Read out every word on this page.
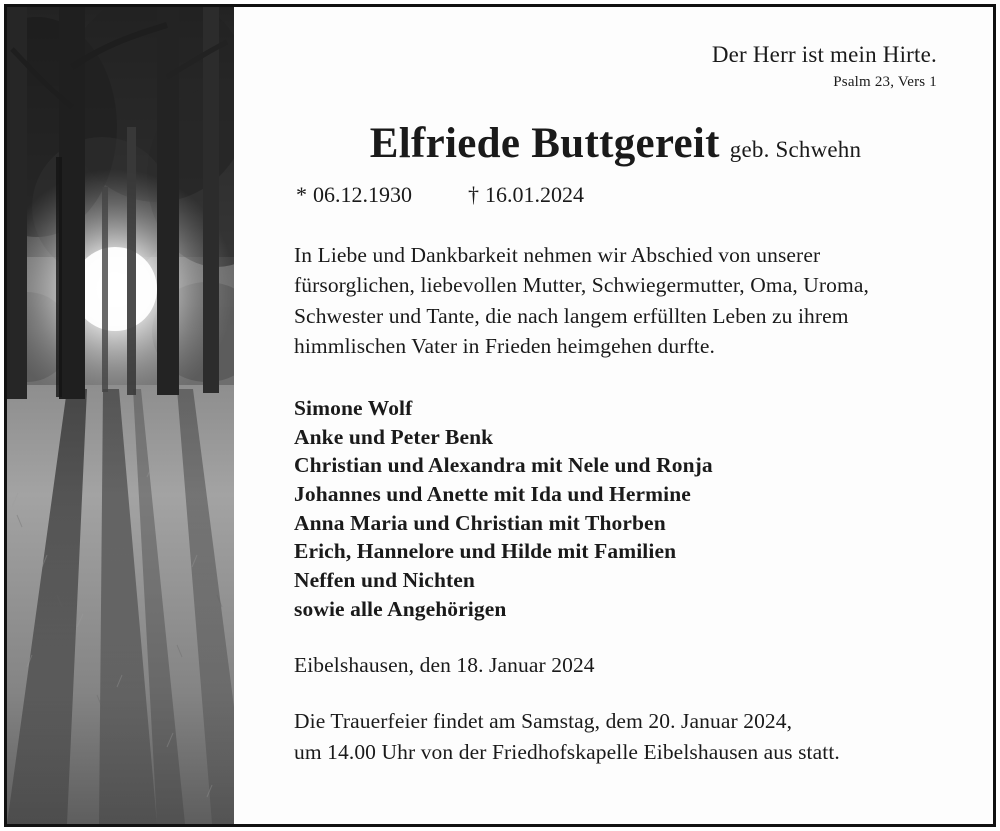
Der Herr ist mein Hirte.
Psalm 23, Vers 1
Elfriede Buttgereit geb. Schwehn
* 06.12.1930	† 16.01.2024
In Liebe und Dankbarkeit nehmen wir Abschied von unserer fürsorglichen, liebevollen Mutter, Schwiegermutter, Oma, Uroma, Schwester und Tante, die nach langem erfüllten Leben zu ihrem himmlischen Vater in Frieden heimgehen durfte.
Simone Wolf
Anke und Peter Benk
Christian und Alexandra mit Nele und Ronja
Johannes und Anette mit Ida und Hermine
Anna Maria und Christian mit Thorben
Erich, Hannelore und Hilde mit Familien
Neffen und Nichten
sowie alle Angehörigen
Eibelshausen, den 18. Januar 2024
Die Trauerfeier findet am Samstag, dem 20. Januar 2024,
um 14.00 Uhr von der Friedhofskapelle Eibelshausen aus statt.
